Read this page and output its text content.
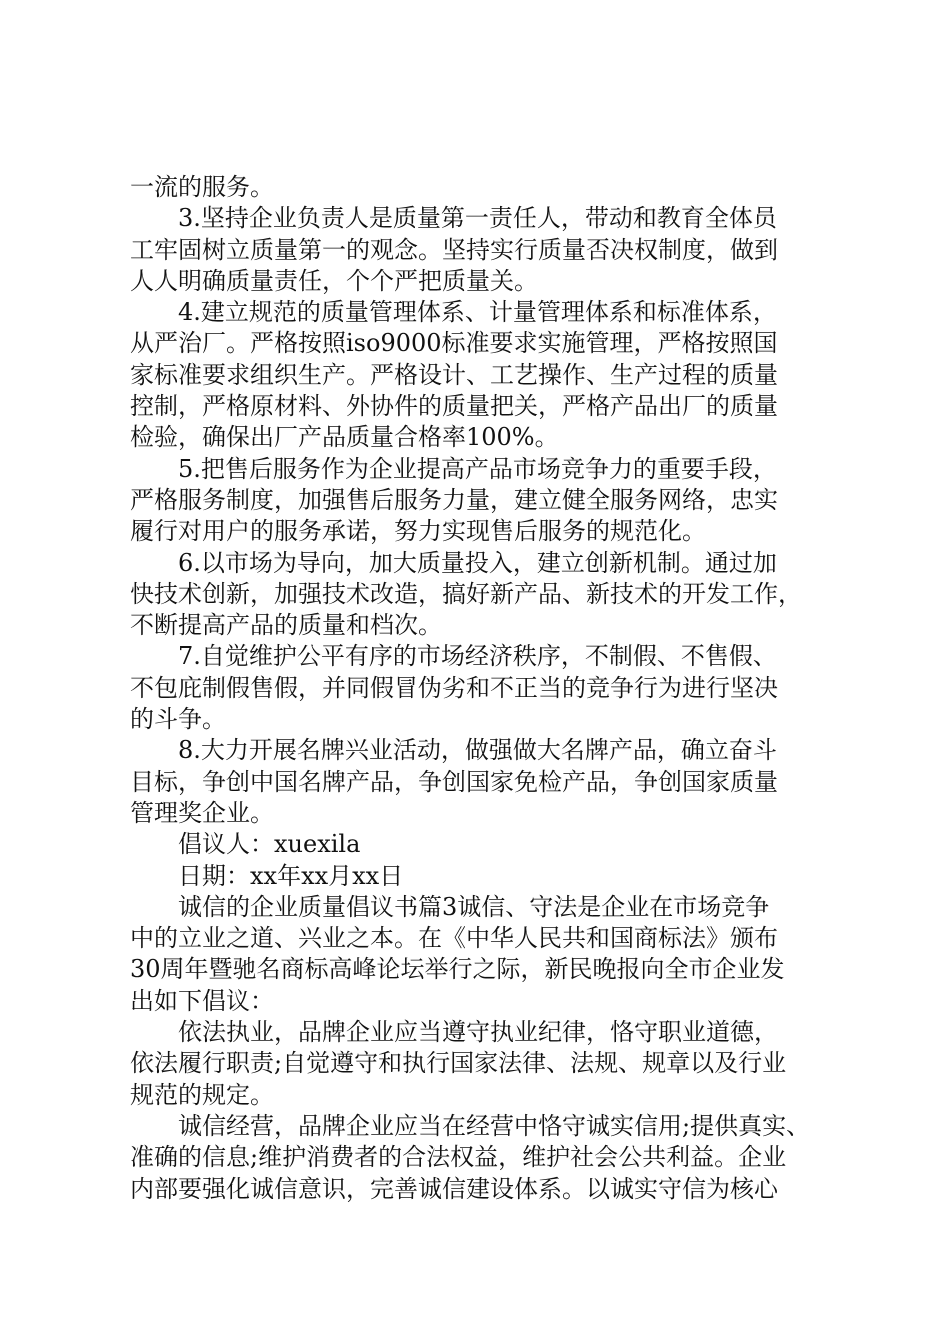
一流的服务。
3.坚持企业负责人是质量第一责任人，带动和教育全体员
工牢固树立质量第一的观念。坚持实行质量否决权制度，做到
人人明确质量责任，个个严把质量关。
4.建立规范的质量管理体系、计量管理体系和标准体系，
从严治厂。严格按照iso9000标准要求实施管理，严格按照国
家标准要求组织生产。严格设计、工艺操作、生产过程的质量
控制，严格原材料、外协件的质量把关，严格产品出厂的质量
检验，确保出厂产品质量合格率100%。
5.把售后服务作为企业提高产品市场竞争力的重要手段，
严格服务制度，加强售后服务力量，建立健全服务网络，忠实
履行对用户的服务承诺，努力实现售后服务的规范化。
6.以市场为导向，加大质量投入，建立创新机制。通过加
快技术创新，加强技术改造，搞好新产品、新技术的开发工作，
不断提高产品的质量和档次。
7.自觉维护公平有序的市场经济秩序，不制假、不售假、
不包庇制假售假，并同假冒伪劣和不正当的竞争行为进行坚决
的斗争。
8.大力开展名牌兴业活动，做强做大名牌产品，确立奋斗
目标，争创中国名牌产品，争创国家免检产品，争创国家质量
管理奖企业。
倡议人：xuexila
日期：xx年xx月xx日
诚信的企业质量倡议书篇3诚信、守法是企业在市场竞争
中的立业之道、兴业之本。在《中华人民共和国商标法》颁布
30周年暨驰名商标高峰论坛举行之际，新民晚报向全市企业发
出如下倡议：
依法执业，品牌企业应当遵守执业纪律，恪守职业道德，
依法履行职责;自觉遵守和执行国家法律、法规、规章以及行业
规范的规定。
诚信经营，品牌企业应当在经营中恪守诚实信用;提供真实、
准确的信息;维护消费者的合法权益，维护社会公共利益。企业
内部要强化诚信意识，完善诚信建设体系。以诚实守信为核心
